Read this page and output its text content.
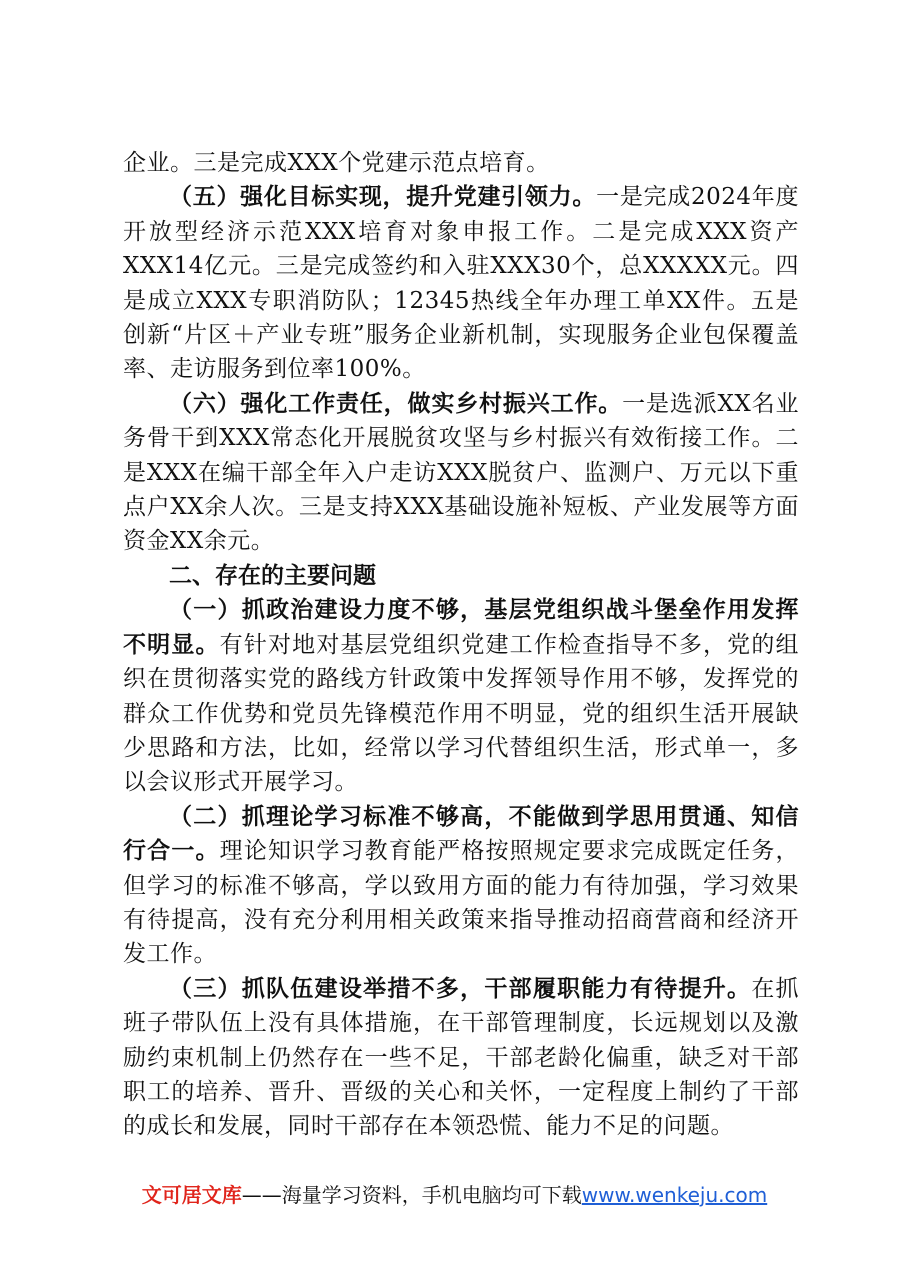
企业。三是完成XXX个党建示范点培育。

（五）强化目标实现，提升党建引领力。一是完成2024年度开放型经济示范XXX培育对象申报工作。二是完成XXX资产XXX14亿元。三是完成签约和入驻XXX30个，总XXXXX元。四是成立XXX专职消防队；12345热线全年办理工单XX件。五是创新“片区＋产业专班”服务企业新机制，实现服务企业包保覆盖率、走访服务到位率100%。

（六）强化工作责任，做实乡村振兴工作。一是选派XX名业务骨干到XXX常态化开展脱贫攻坚与乡村振兴有效衔接工作。二是XXX在编干部全年入户走访XXX脱贫户、监测户、万元以下重点户XX余人次。三是支持XXX基础设施补短板、产业发展等方面资金XX余元。

二、存在的主要问题

（一）抓政治建设力度不够，基层党组织战斗堡垒作用发挥不明显。有针对地对基层党组织党建工作检查指导不多，党的组织在贯彻落实党的路线方针政策中发挥领导作用不够，发挥党的群众工作优势和党员先锋模范作用不明显，党的组织生活开展缺少思路和方法，比如，经常以学习代替组织生活，形式单一，多以会议形式开展学习。

（二）抓理论学习标准不够高，不能做到学思用贯通、知信行合一。理论知识学习教育能严格按照规定要求完成既定任务，但学习的标准不够高，学以致用方面的能力有待加强，学习效果有待提高，没有充分利用相关政策来指导推动招商营商和经济开发工作。

（三）抓队伍建设举措不多，干部履职能力有待提升。在抓班子带队伍上没有具体措施，在干部管理制度，长远规划以及激励约束机制上仍然存在一些不足，干部老龄化偏重，缺乏对干部职工的培养、晋升、晋级的关心和关怀，一定程度上制约了干部的成长和发展，同时干部存在本领恐慌、能力不足的问题。

文可居文库——海量学习资料，手机电脑均可下载www.wenkeju.com
